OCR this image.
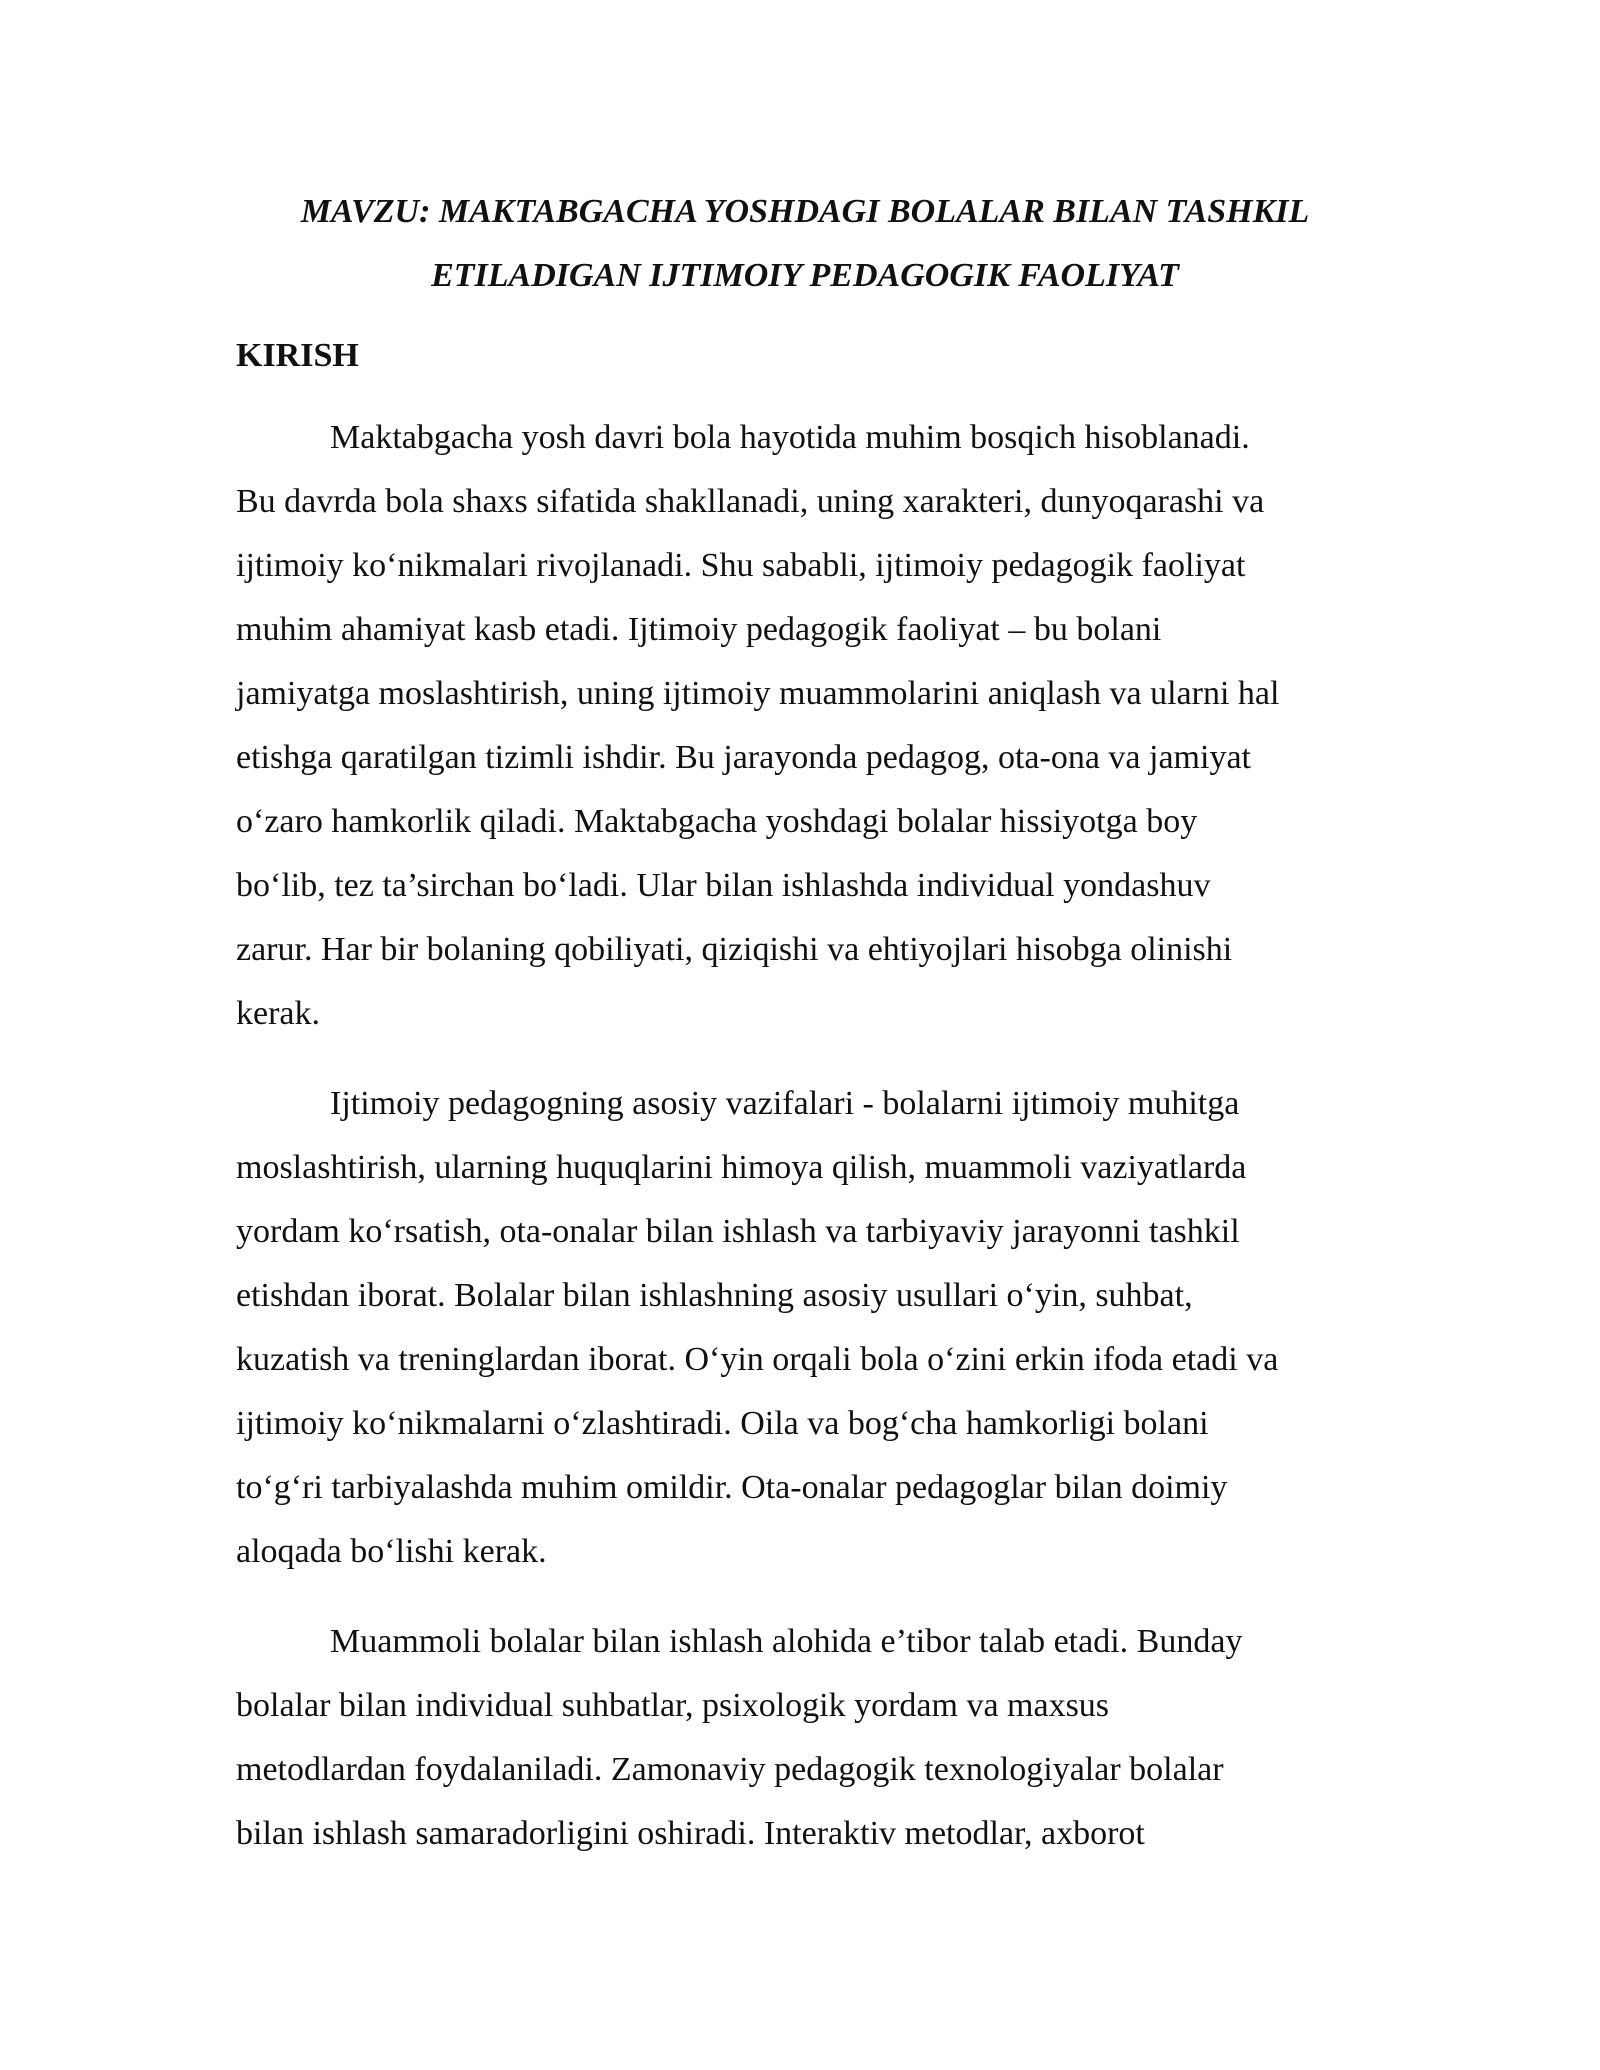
MAVZU: MAKTABGACHA YOSHDAGI BOLALAR BILAN TASHKIL
ETILADIGAN IJTIMOIY PEDAGOGIK FAOLIYAT
KIRISH

Maktabgacha yosh davri bola hayotida muhim bosqich hisoblanadi.
Bu davrda bola shaxs sifatida shakllanadi, uning xarakteri, dunyoqarashi va
ijtimoiy koʻnikmalari rivojlanadi. Shu sababli, ijtimoiy pedagogik faoliyat
muhim ahamiyat kasb etadi. Ijtimoiy pedagogik faoliyat – bu bolani
jamiyatga moslashtirish, uning ijtimoiy muammolarini aniqlash va ularni hal
etishga qaratilgan tizimli ishdir. Bu jarayonda pedagog, ota-ona va jamiyat
oʻzaro hamkorlik qiladi. Maktabgacha yoshdagi bolalar hissiyotga boy
boʻlib, tez ta’sirchan boʻladi. Ular bilan ishlashda individual yondashuv
zarur. Har bir bolaning qobiliyati, qiziqishi va ehtiyojlari hisobga olinishi
kerak.

Ijtimoiy pedagogning asosiy vazifalari - bolalarni ijtimoiy muhitga
moslashtirish, ularning huquqlarini himoya qilish, muammoli vaziyatlarda
yordam koʻrsatish, ota-onalar bilan ishlash va tarbiyaviy jarayonni tashkil
etishdan iborat. Bolalar bilan ishlashning asosiy usullari oʻyin, suhbat,
kuzatish va treninglardan iborat. Oʻyin orqali bola oʻzini erkin ifoda etadi va
ijtimoiy koʻnikmalarni oʻzlashtiradi. Oila va bogʻcha hamkorligi bolani
toʻgʻri tarbiyalashda muhim omildir. Ota-onalar pedagoglar bilan doimiy
aloqada boʻlishi kerak.

Muammoli bolalar bilan ishlash alohida e’tibor talab etadi. Bunday
bolalar bilan individual suhbatlar, psixologik yordam va maxsus
metodlardan foydalaniladi. Zamonaviy pedagogik texnologiyalar bolalar
bilan ishlash samaradorligini oshiradi. Interaktiv metodlar, axborot
